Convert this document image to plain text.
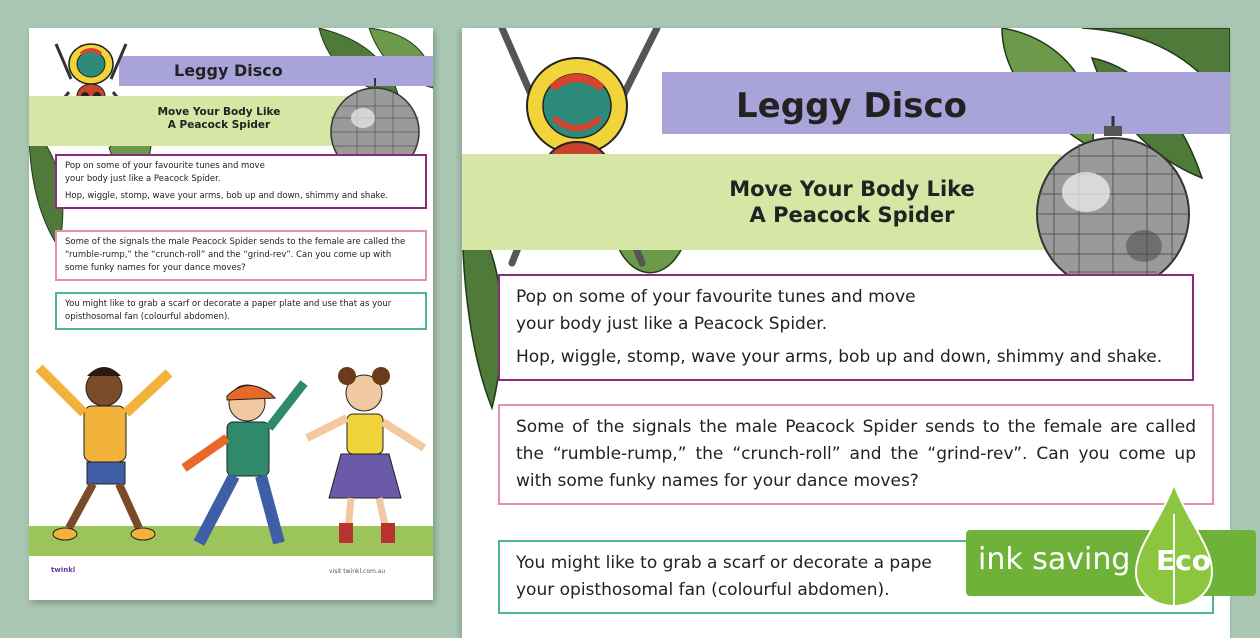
Leggy Disco
Move Your Body Like
A Peacock Spider

Pop on some of your favourite tunes and move

your body just like a Peacock Spider.

Hop, wiggle, stomp, wave your arms, bob up and down, shimmy and shake.

Some of the signals the male Peacock Spider sends to the female are called the “rumble-rump,” the “crunch-roll” and the “grind-rev”. Can you come up with some funky names for your dance moves?

You might like to grab a scarf or decorate a paper plate and use that as your opisthosomal fan (colourful abdomen).

twinkl	visit twinkl.com.au
Leggy Disco
Move Your Body Like
A Peacock Spider

Pop on some of your favourite tunes and move

your body just like a Peacock Spider.

Hop, wiggle, stomp, wave your arms, bob up and down, shimmy and shake.

Some of the signals the male Peacock Spider sends to the female are called the “rumble-rump,” the “crunch-roll” and the “grind-rev”. Can you come up with some funky names for your dance moves?

You might like to grab a scarf or decorate a pape

your opisthosomal fan (colourful abdomen).

ink saving Eco
